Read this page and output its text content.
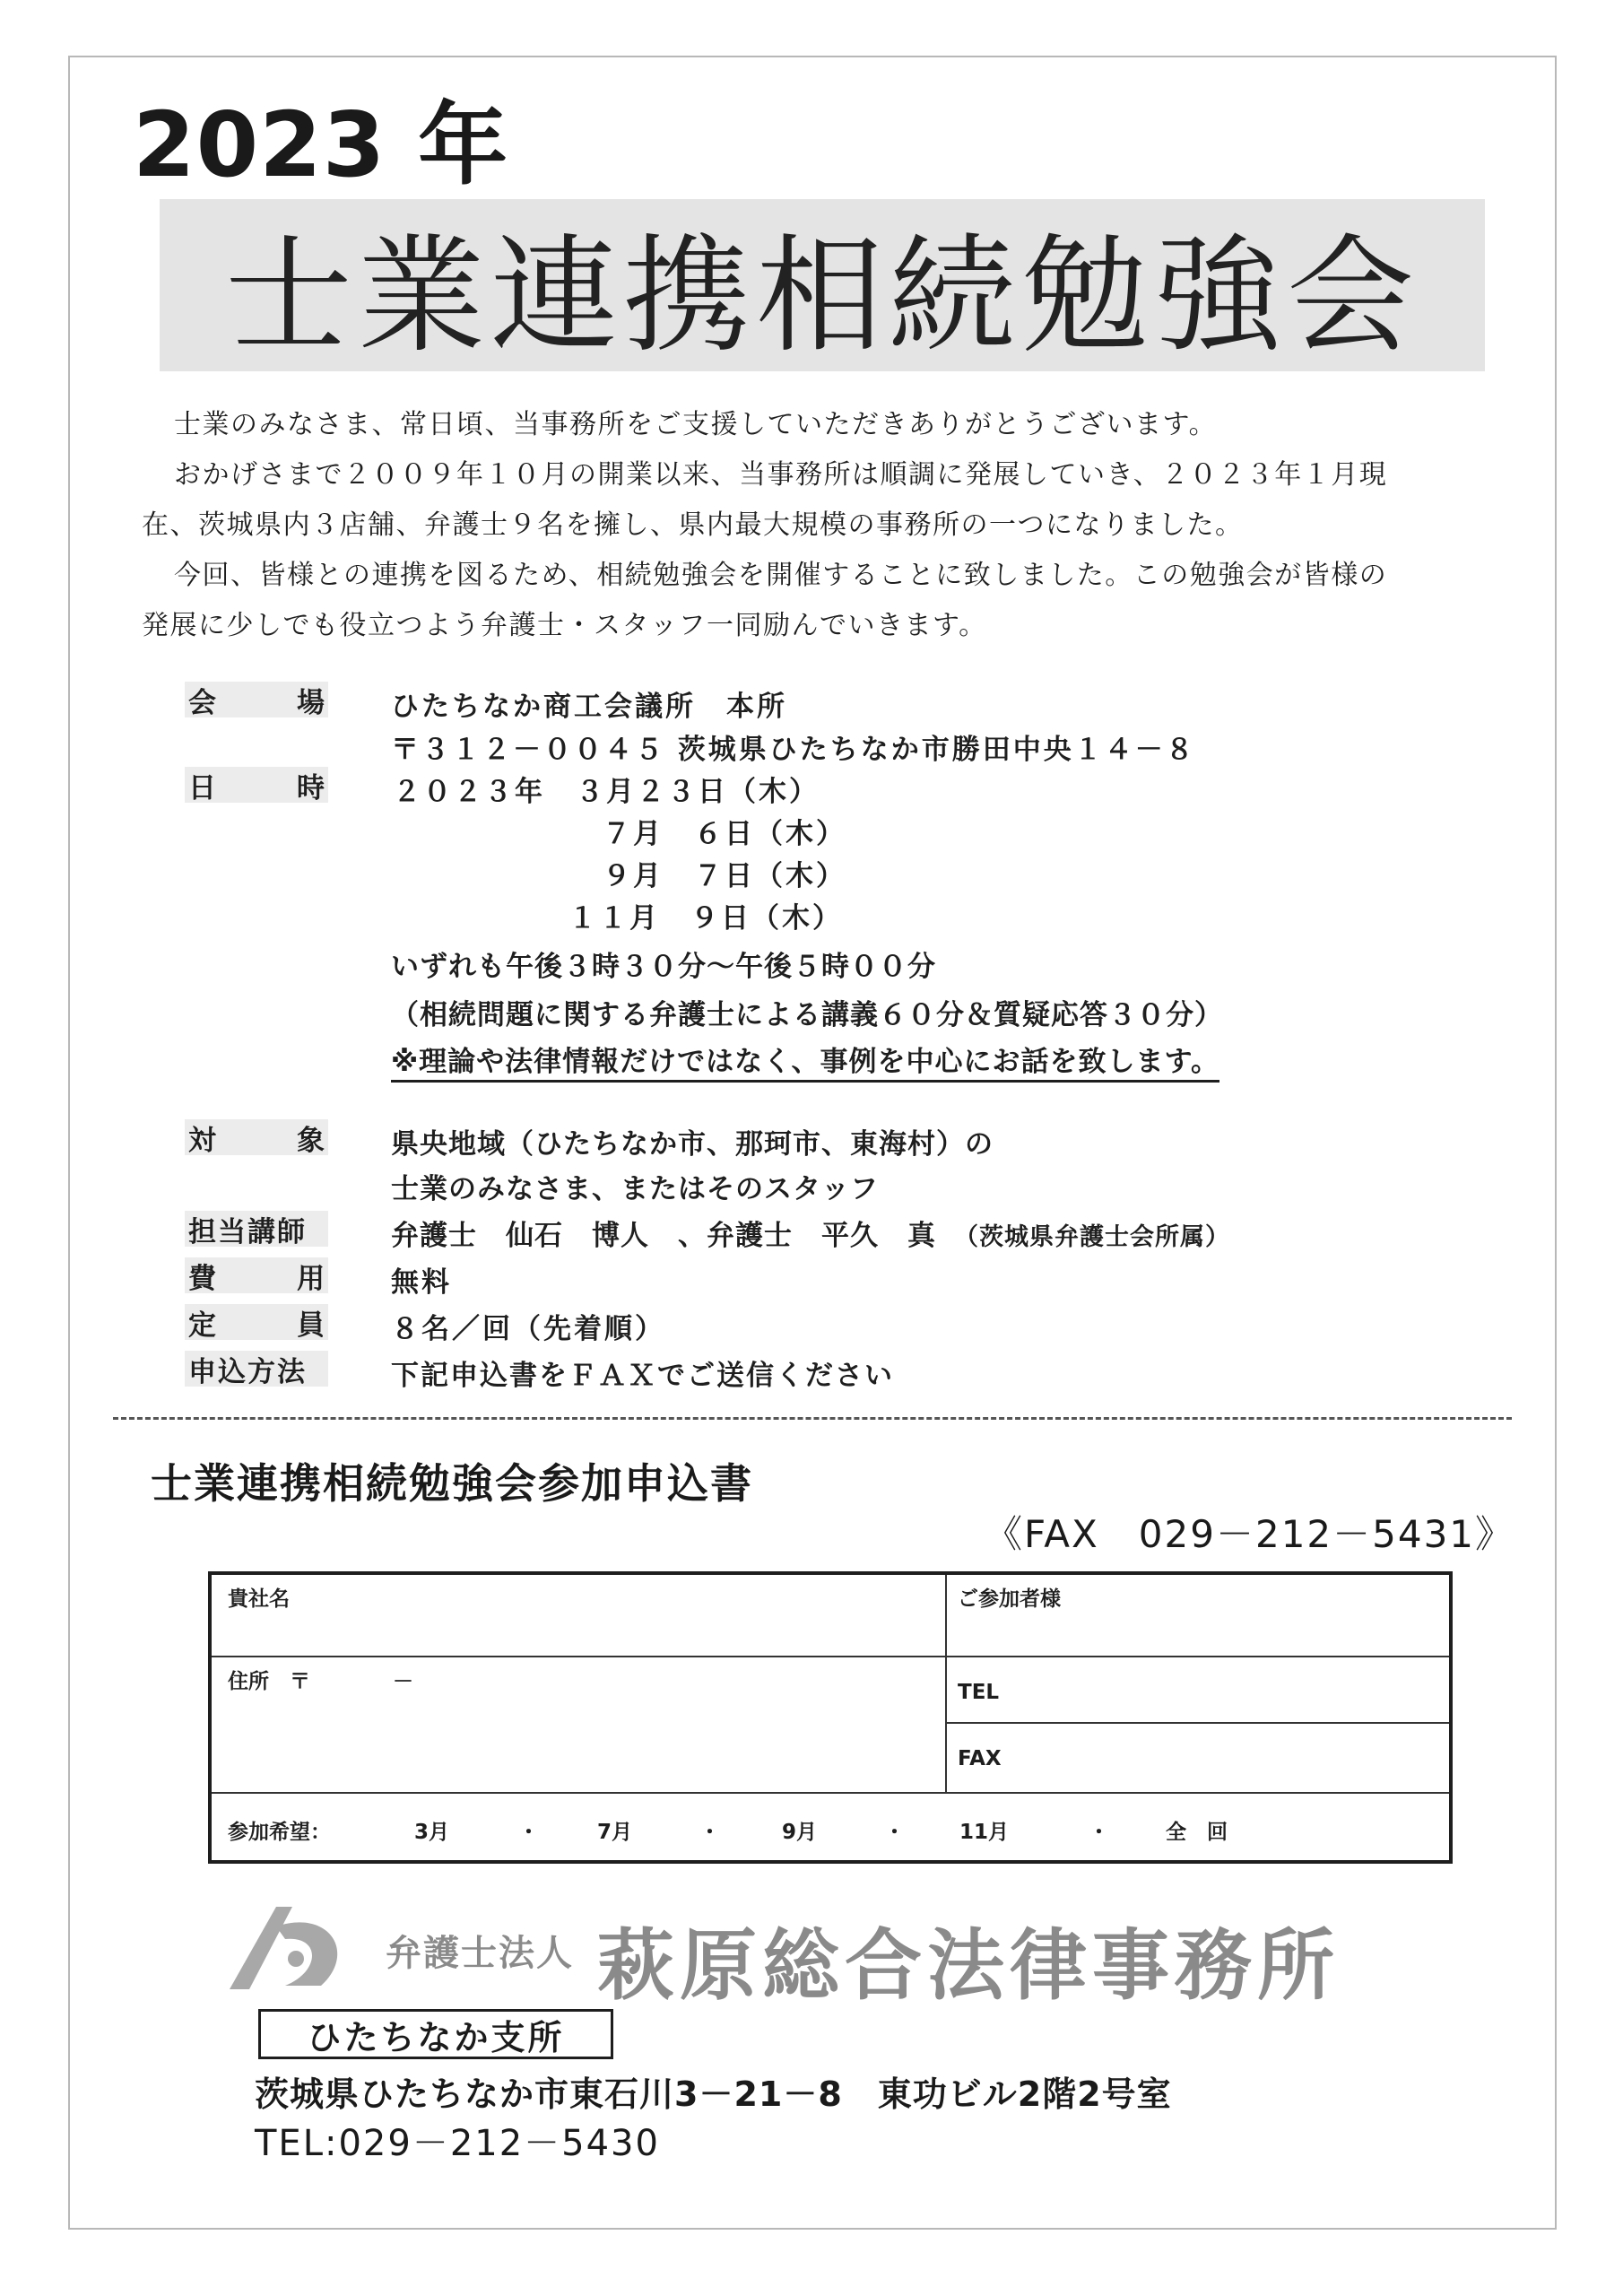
2023 年
士業連携相続勉強会

士業のみなさま、常日頃、当事務所をご支援していただきありがとうございます。

おかげさまで２００９年１０月の開業以来、当事務所は順調に発展していき、２０２３年１月現

在、茨城県内３店舗、弁護士９名を擁し、県内最大規模の事務所の一つになりました。

今回、皆様との連携を図るため、相続勉強会を開催することに致しました。この勉強会が皆様の

発展に少しでも役立つよう弁護士・スタッフ一同励んでいきます。

会	場 ひたちなか商工会議所　本所
〒３１２－００４５ 茨城県ひたちなか市勝田中央１４－８
日	時 ２０２３年　３月２３日（木）
７月　６日（木）
９月　７日（木）
１１月　９日（木）
いずれも午後３時３０分～午後５時００分
（相続問題に関する弁護士による講義６０分＆質疑応答３０分）
※理論や法律情報だけではなく、事例を中心にお話を致します。
対	象 県央地域（ひたちなか市、那珂市、東海村）の
士業のみなさま、またはそのスタッフ
担当講師	弁護士　仙石　博人　、弁護士　平久　真 （茨城県弁護士会所属）
費	用 無料
定	員 ８名／回（先着順）
申込方法	下記申込書をＦＡＸでご送信ください
士業連携相続勉強会参加申込書
《FAX　029－212－5431》
貴社名	ご参加者様
住所　〒　　　　－	TEL
FAX
参加希望：	3月	・	7月	・	9月	・	11月	・	全　回
弁護士法人 萩原総合法律事務所
ひたちなか支所
茨城県ひたちなか市東石川3－21－8　東功ビル2階2号室
TEL:029－212－5430
